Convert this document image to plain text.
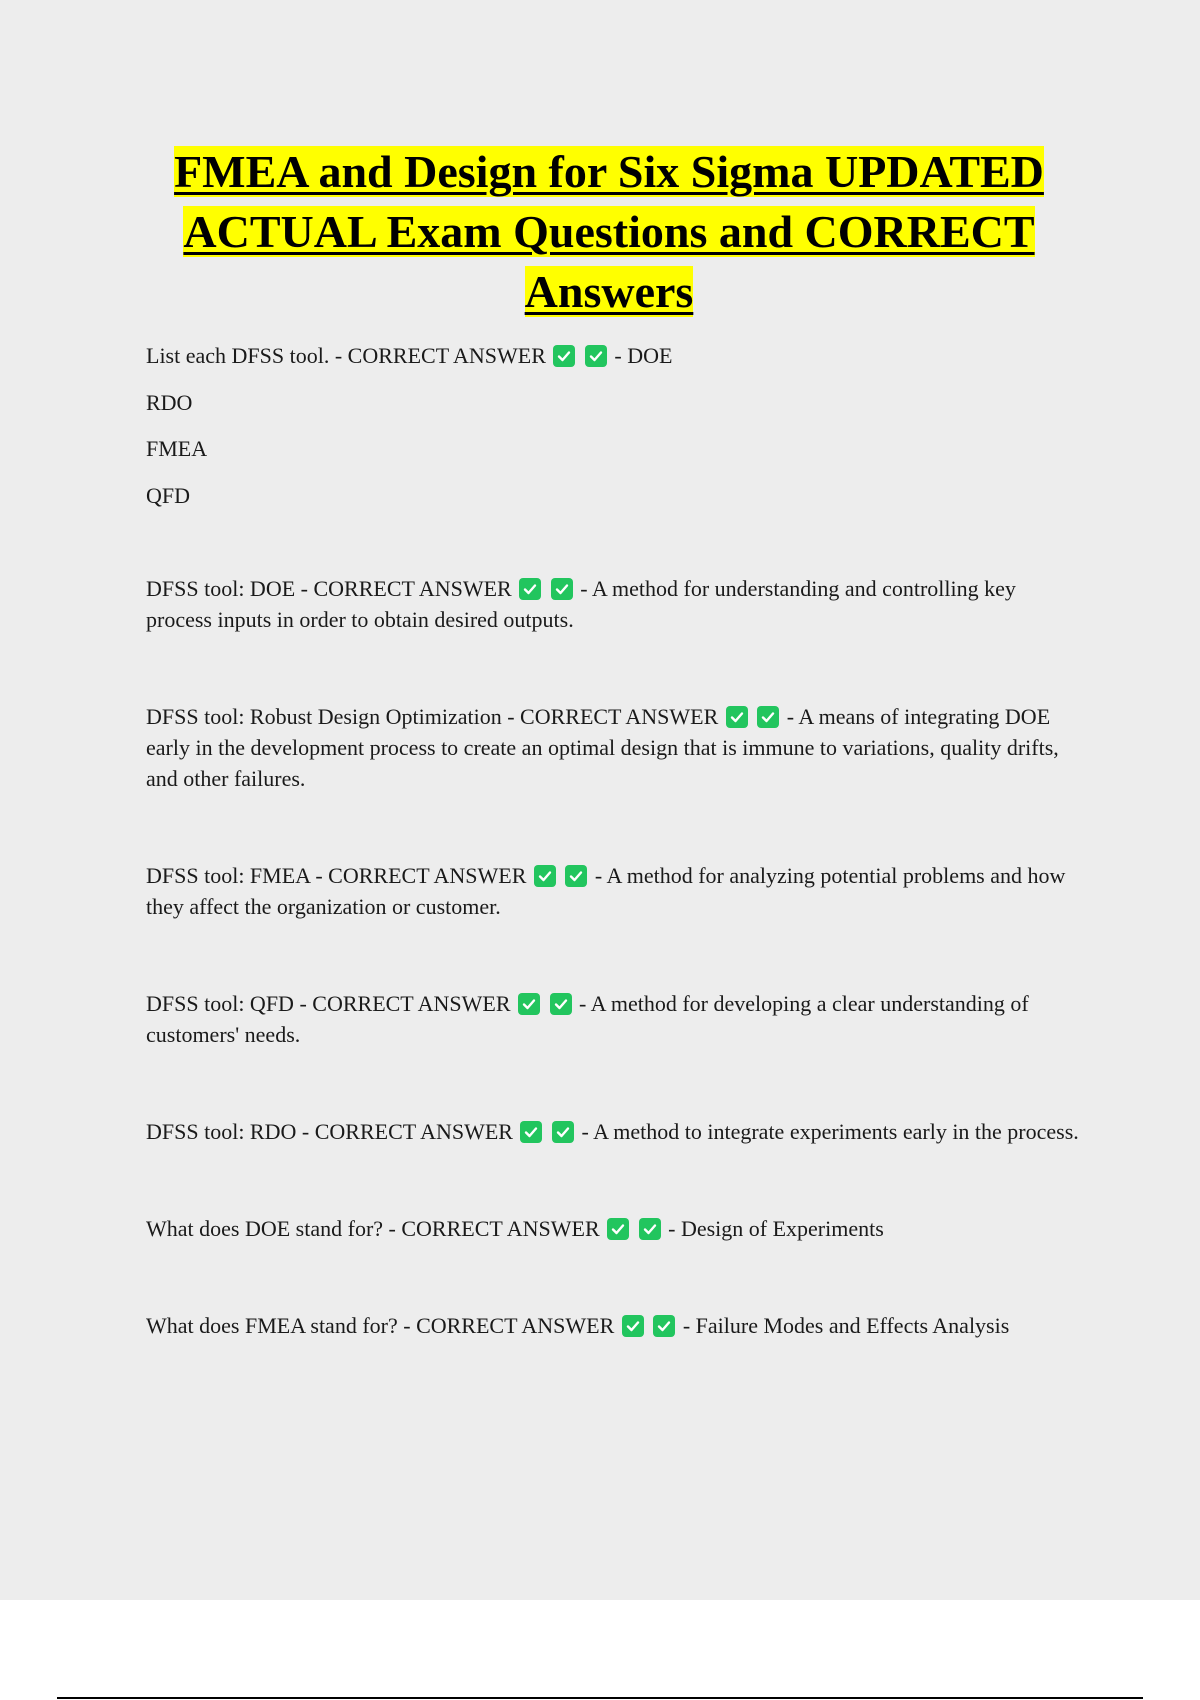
FMEA and Design for Six Sigma UPDATED ACTUAL Exam Questions and CORRECT Answers

List each DFSS tool. - CORRECT ANSWER
	- DOE

RDO

FMEA

QFD

DFSS tool: DOE - CORRECT ANSWER
	- A method for understanding and controlling key process inputs in order to obtain desired outputs.

DFSS tool: Robust Design Optimization - CORRECT ANSWER
	- A means of integrating DOE early in the development process to create an optimal design that is immune to variations, quality drifts, and other failures.

DFSS tool: FMEA - CORRECT ANSWER
	- A method for analyzing potential problems and how they affect the organization or customer.

DFSS tool: QFD - CORRECT ANSWER
	- A method for developing a clear understanding of customers' needs.

DFSS tool: RDO - CORRECT ANSWER
	- A method to integrate experiments early in the process.

What does DOE stand for? - CORRECT ANSWER
	- Design of Experiments

What does FMEA stand for? - CORRECT ANSWER
	- Failure Modes and Effects Analysis
